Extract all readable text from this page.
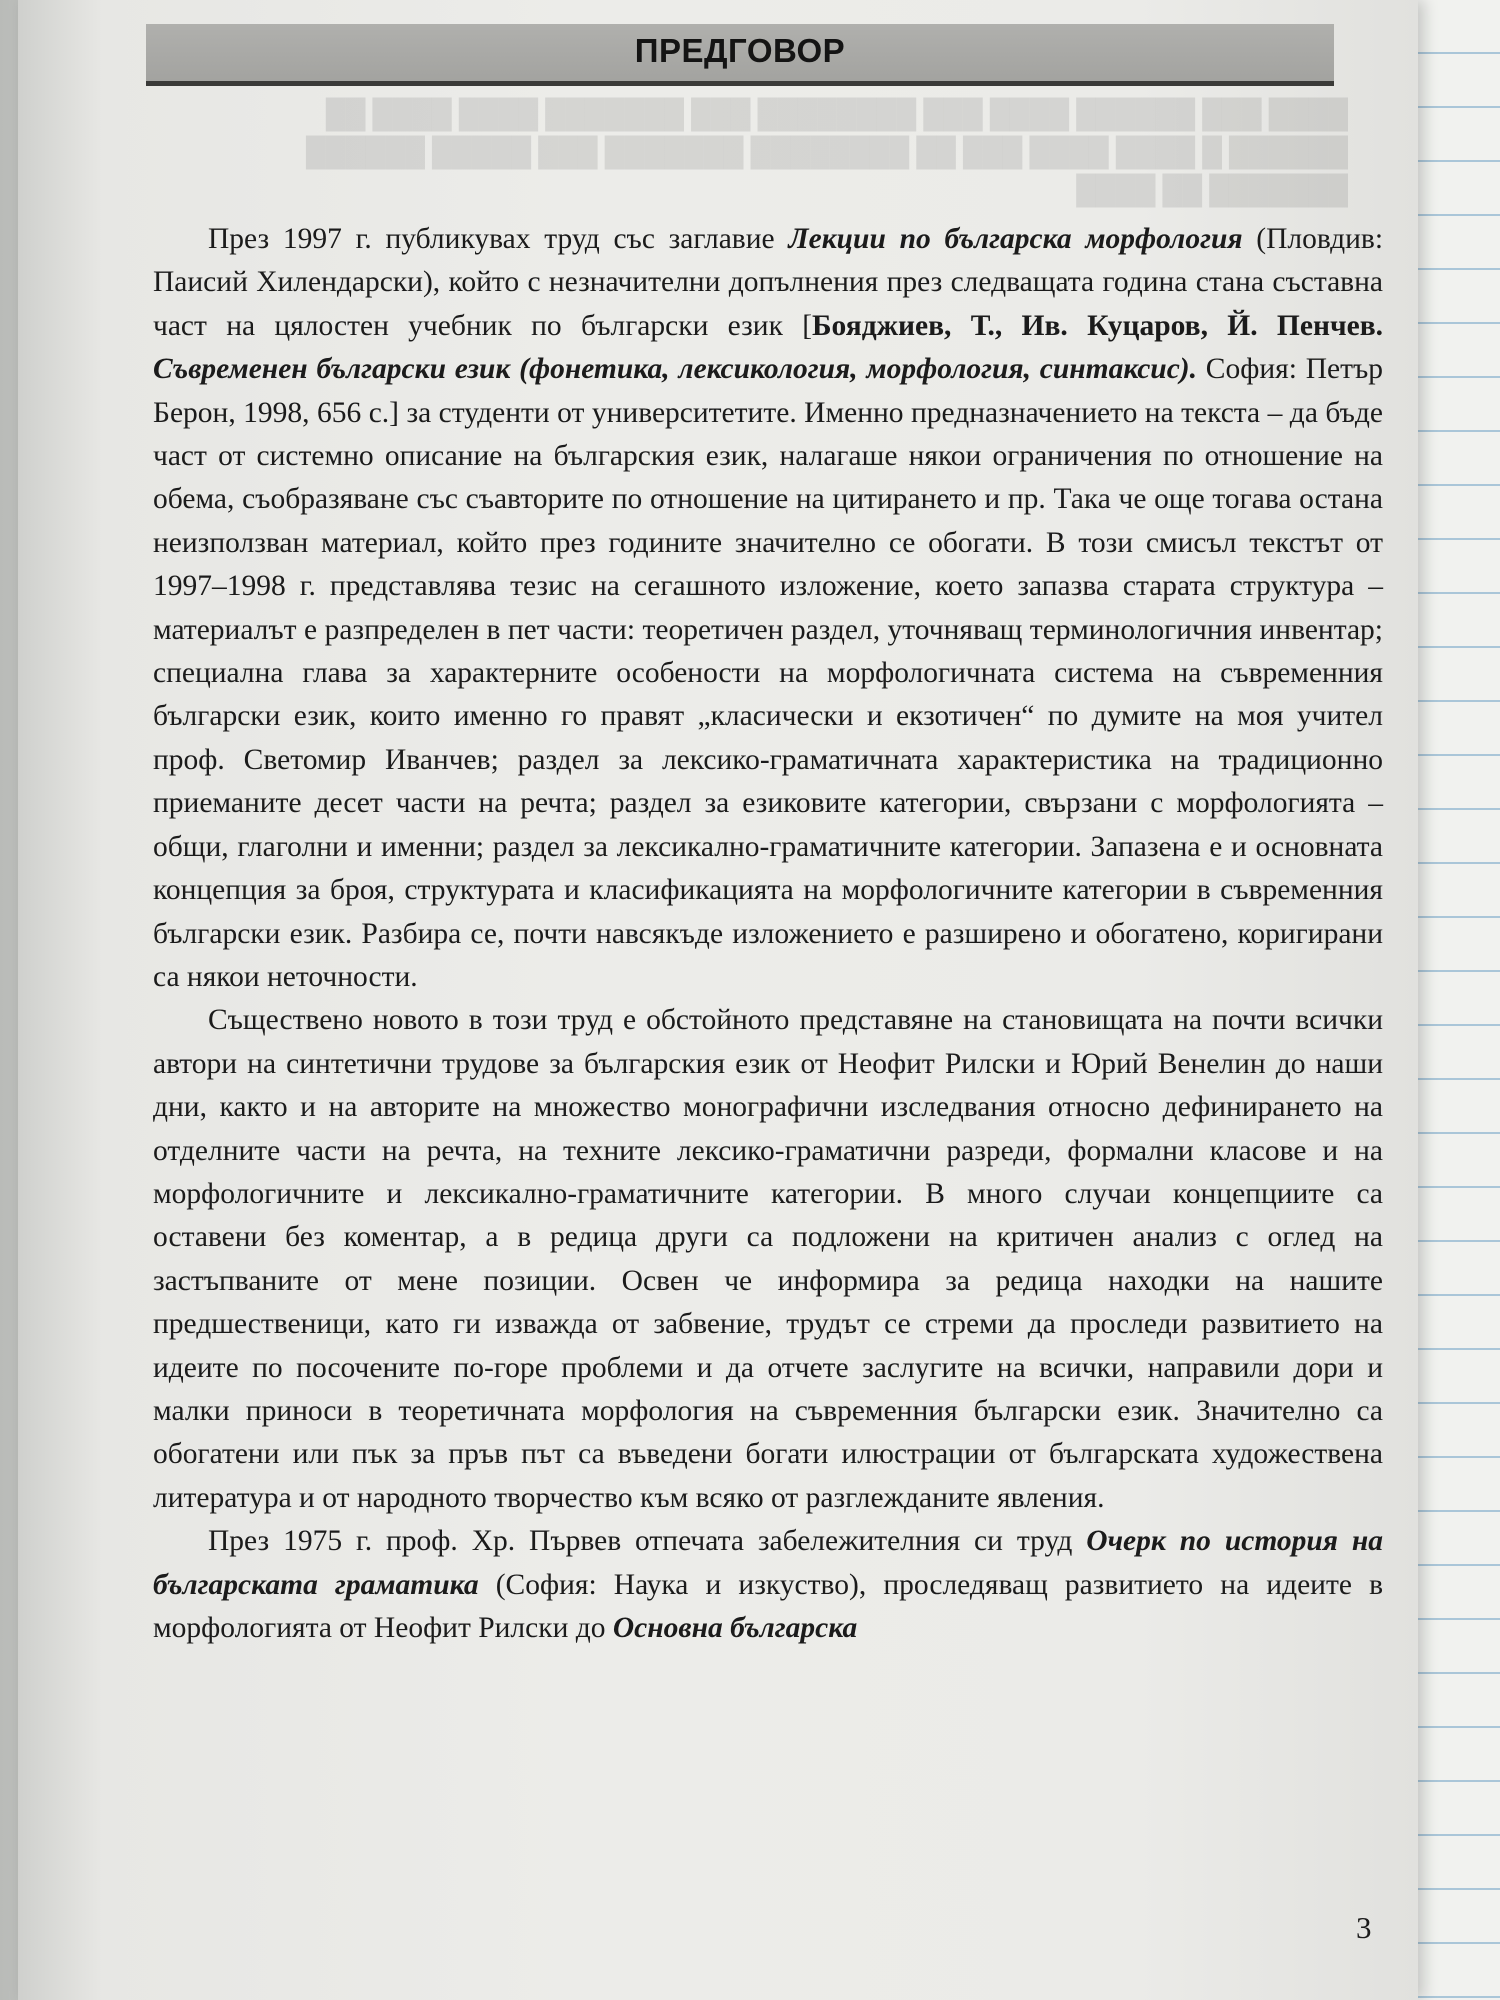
ПРЕДГОВОР
████ ███ ██████ ████ ███ ████████ ███ ███████ ████ ████ ██
██████ █ ████ ████ ███ ██ ████████ ███████ ███ █████ ██████
███████ ██ ████

През 1997 г. публикувах труд със заглавие Лекции по българска морфология (Пловдив: Паисий Хилендарски), който с незначителни допълнения през следващата година стана съставна част на цялостен учебник по български език [Бояджиев, Т., Ив. Куцаров, Й. Пенчев. Съвременен български език (фонетика, лексикология, морфология, синтаксис). София: Петър Берон, 1998, 656 с.] за студенти от университетите. Именно предназначението на текста – да бъде част от системно описание на българския език, налагаше някои ограничения по отношение на обема, съобразяване със съавторите по отношение на цитирането и пр. Така че още тогава остана неизползван материал, който през годините значително се обогати. В този смисъл текстът от 1997–1998 г. представлява тезис на сегашното изложение, което запазва старата структура – материалът е разпределен в пет части: теоретичен раздел, уточняващ терминологичния инвентар; специална глава за характерните особености на морфологичната система на съвременния български език, които именно го правят „класически и екзотичен“ по думите на моя учител проф. Светомир Иванчев; раздел за лексико-граматичната характеристика на традиционно приеманите десет части на речта; раздел за езиковите категории, свързани с морфологията – общи, глаголни и именни; раздел за лексикално-граматичните категории. Запазена е и основната концепция за броя, структурата и класификацията на морфологичните категории в съвременния български език. Разбира се, почти навсякъде изложението е разширено и обогатено, коригирани са някои неточности.

Съществено новото в този труд е обстойното представяне на становищата на почти всички автори на синтетични трудове за българския език от Неофит Рилски и Юрий Венелин до наши дни, както и на авторите на множество монографични изследвания относно дефинирането на отделните части на речта, на техните лексико-граматични разреди, формални класове и на морфологичните и лексикално-граматичните категории. В много случаи концепциите са оставени без коментар, а в редица други са подложени на критичен анализ с оглед на застъпваните от мене позиции. Освен че информира за редица находки на нашите предшественици, като ги изважда от забвение, трудът се стреми да проследи развитието на идеите по посочените по-горе проблеми и да отчете заслугите на всички, направили дори и малки приноси в теоретичната морфология на съвременния български език. Значително са обогатени или пък за пръв път са въведени богати илюстрации от българската художествена литература и от народното творчество към всяко от разглежданите явления.

През 1975 г. проф. Хр. Първев отпечата забележителния си труд Очерк по история на българската граматика (София: Наука и изкуство), проследяващ развитието на идеите в морфологията от Неофит Рилски до Основна българска

3
